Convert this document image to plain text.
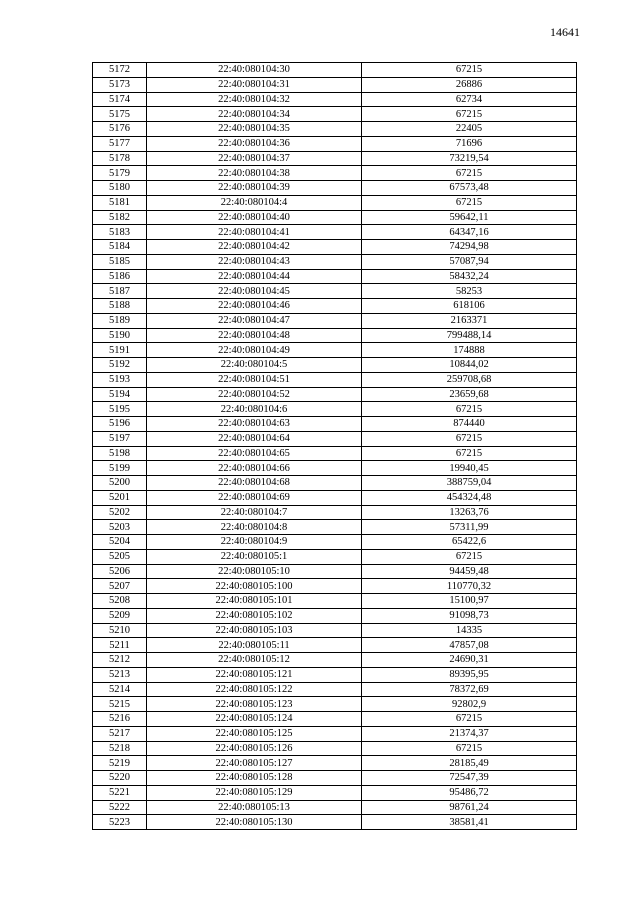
14641
5172	22:40:080104:30	67215
5173	22:40:080104:31	26886
5174	22:40:080104:32	62734
5175	22:40:080104:34	67215
5176	22:40:080104:35	22405
5177	22:40:080104:36	71696
5178	22:40:080104:37	73219,54
5179	22:40:080104:38	67215
5180	22:40:080104:39	67573,48
5181	22:40:080104:4	67215
5182	22:40:080104:40	59642,11
5183	22:40:080104:41	64347,16
5184	22:40:080104:42	74294,98
5185	22:40:080104:43	57087,94
5186	22:40:080104:44	58432,24
5187	22:40:080104:45	58253
5188	22:40:080104:46	618106
5189	22:40:080104:47	2163371
5190	22:40:080104:48	799488,14
5191	22:40:080104:49	174888
5192	22:40:080104:5	10844,02
5193	22:40:080104:51	259708,68
5194	22:40:080104:52	23659,68
5195	22:40:080104:6	67215
5196	22:40:080104:63	874440
5197	22:40:080104:64	67215
5198	22:40:080104:65	67215
5199	22:40:080104:66	19940,45
5200	22:40:080104:68	388759,04
5201	22:40:080104:69	454324,48
5202	22:40:080104:7	13263,76
5203	22:40:080104:8	57311,99
5204	22:40:080104:9	65422,6
5205	22:40:080105:1	67215
5206	22:40:080105:10	94459,48
5207	22:40:080105:100	110770,32
5208	22:40:080105:101	15100,97
5209	22:40:080105:102	91098,73
5210	22:40:080105:103	14335
5211	22:40:080105:11	47857,08
5212	22:40:080105:12	24690,31
5213	22:40:080105:121	89395,95
5214	22:40:080105:122	78372,69
5215	22:40:080105:123	92802,9
5216	22:40:080105:124	67215
5217	22:40:080105:125	21374,37
5218	22:40:080105:126	67215
5219	22:40:080105:127	28185,49
5220	22:40:080105:128	72547,39
5221	22:40:080105:129	95486,72
5222	22:40:080105:13	98761,24
5223	22:40:080105:130	38581,41
